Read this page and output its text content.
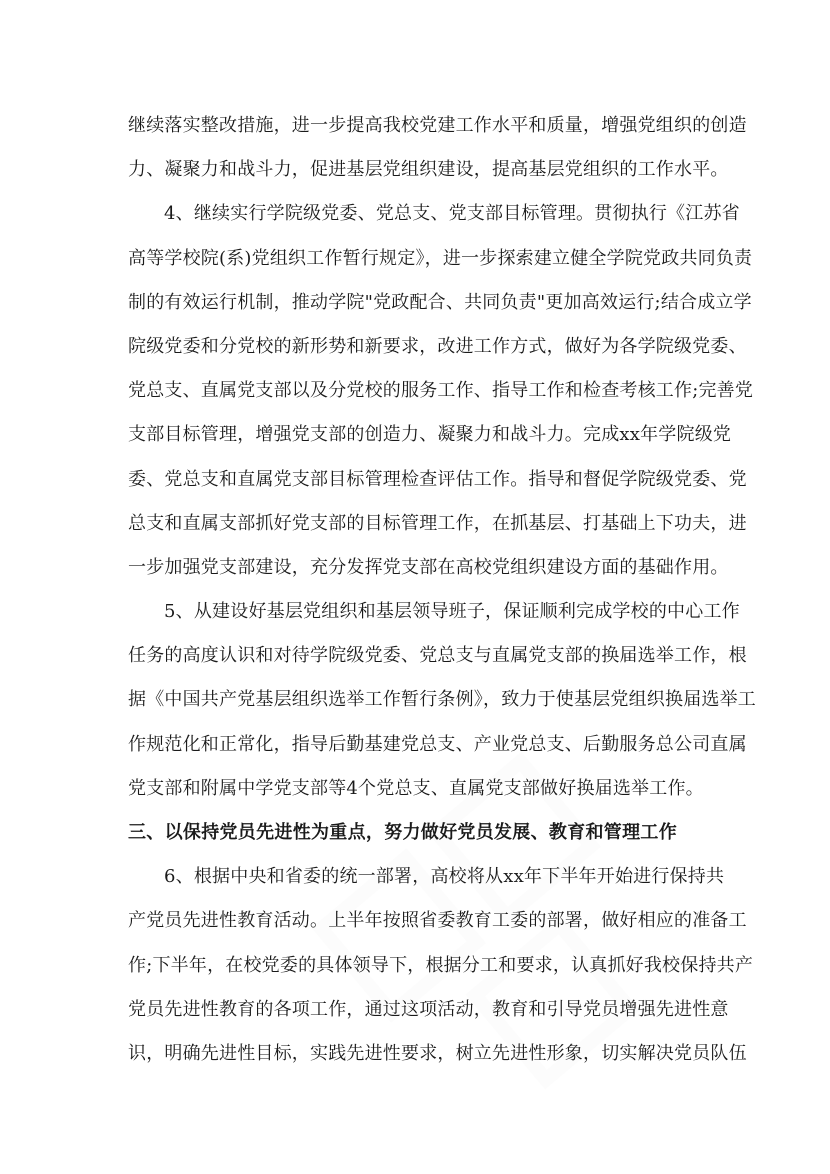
继续落实整改措施，进一步提高我校党建工作水平和质量，增强党组织的创造
力、凝聚力和战斗力，促进基层党组织建设，提高基层党组织的工作水平。
4、继续实行学院级党委、党总支、党支部目标管理。贯彻执行《江苏省
高等学校院(系)党组织工作暂行规定》，进一步探索建立健全学院党政共同负责
制的有效运行机制，推动学院"党政配合、共同负责"更加高效运行;结合成立学
院级党委和分党校的新形势和新要求，改进工作方式，做好为各学院级党委、
党总支、直属党支部以及分党校的服务工作、指导工作和检查考核工作;完善党
支部目标管理，增强党支部的创造力、凝聚力和战斗力。完成xx年学院级党
委、党总支和直属党支部目标管理检查评估工作。指导和督促学院级党委、党
总支和直属支部抓好党支部的目标管理工作，在抓基层、打基础上下功夫，进
一步加强党支部建设，充分发挥党支部在高校党组织建设方面的基础作用。
5、从建设好基层党组织和基层领导班子，保证顺利完成学校的中心工作
任务的高度认识和对待学院级党委、党总支与直属党支部的换届选举工作，根
据《中国共产党基层组织选举工作暂行条例》，致力于使基层党组织换届选举工
作规范化和正常化，指导后勤基建党总支、产业党总支、后勤服务总公司直属
党支部和附属中学党支部等4个党总支、直属党支部做好换届选举工作。
三、以保持党员先进性为重点，努力做好党员发展、教育和管理工作
6、根据中央和省委的统一部署，高校将从xx年下半年开始进行保持共
产党员先进性教育活动。上半年按照省委教育工委的部署，做好相应的准备工
作;下半年，在校党委的具体领导下，根据分工和要求，认真抓好我校保持共产
党员先进性教育的各项工作，通过这项活动，教育和引导党员增强先进性意
识，明确先进性目标，实践先进性要求，树立先进性形象，切实解决党员队伍
